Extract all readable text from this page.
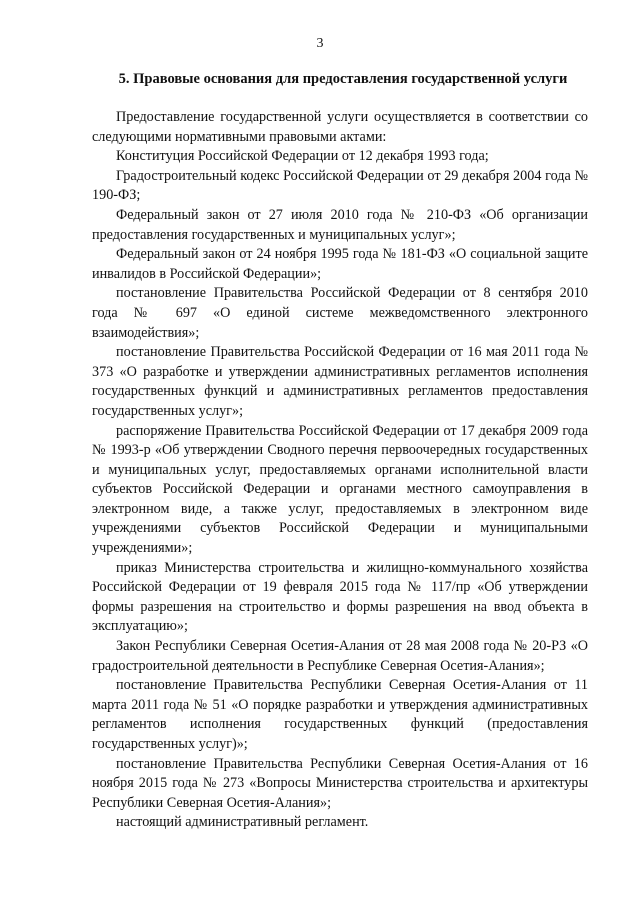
3
5. Правовые основания для предоставления государственной услуги

Предоставление государственной услуги осуществляется в соответствии со следующими нормативными правовыми актами:

Конституция Российской Федерации от 12 декабря 1993 года;

Градостроительный кодекс Российской Федерации от 29 декабря 2004 года № 190-ФЗ;

Федеральный закон от 27 июля 2010 года № 210-ФЗ «Об организации предоставления государственных и муниципальных услуг»;

Федеральный закон от 24 ноября 1995 года № 181-ФЗ «О социальной защите инвалидов в Российской Федерации»;

постановление Правительства Российской Федерации от 8 сентября 2010 года № 697 «О единой системе межведомственного электронного взаимодействия»;

постановление Правительства Российской Федерации от 16 мая 2011 года № 373 «О разработке и утверждении административных регламентов исполнения государственных функций и административных регламентов предоставления государственных услуг»;

распоряжение Правительства Российской Федерации от 17 декабря 2009 года № 1993-р «Об утверждении Сводного перечня первоочередных государственных и муниципальных услуг, предоставляемых органами исполнительной власти субъектов Российской Федерации и органами местного самоуправления в электронном виде, а также услуг, предоставляемых в электронном виде учреждениями субъектов Российской Федерации и муниципальными учреждениями»;

приказ Министерства строительства и жилищно-коммунального хозяйства Российской Федерации от 19 февраля 2015 года № 117/пр «Об утверждении формы разрешения на строительство и формы разрешения на ввод объекта в эксплуатацию»;

Закон Республики Северная Осетия-Алания от 28 мая 2008 года № 20-РЗ «О градостроительной деятельности в Республике Северная Осетия-Алания»;

постановление Правительства Республики Северная Осетия-Алания от 11 марта 2011 года № 51 «О порядке разработки и утверждения административных регламентов исполнения государственных функций (предоставления государственных услуг)»;

постановление Правительства Республики Северная Осетия-Алания от 16 ноября 2015 года № 273 «Вопросы Министерства строительства и архитектуры Республики Северная Осетия-Алания»;

настоящий административный регламент.
